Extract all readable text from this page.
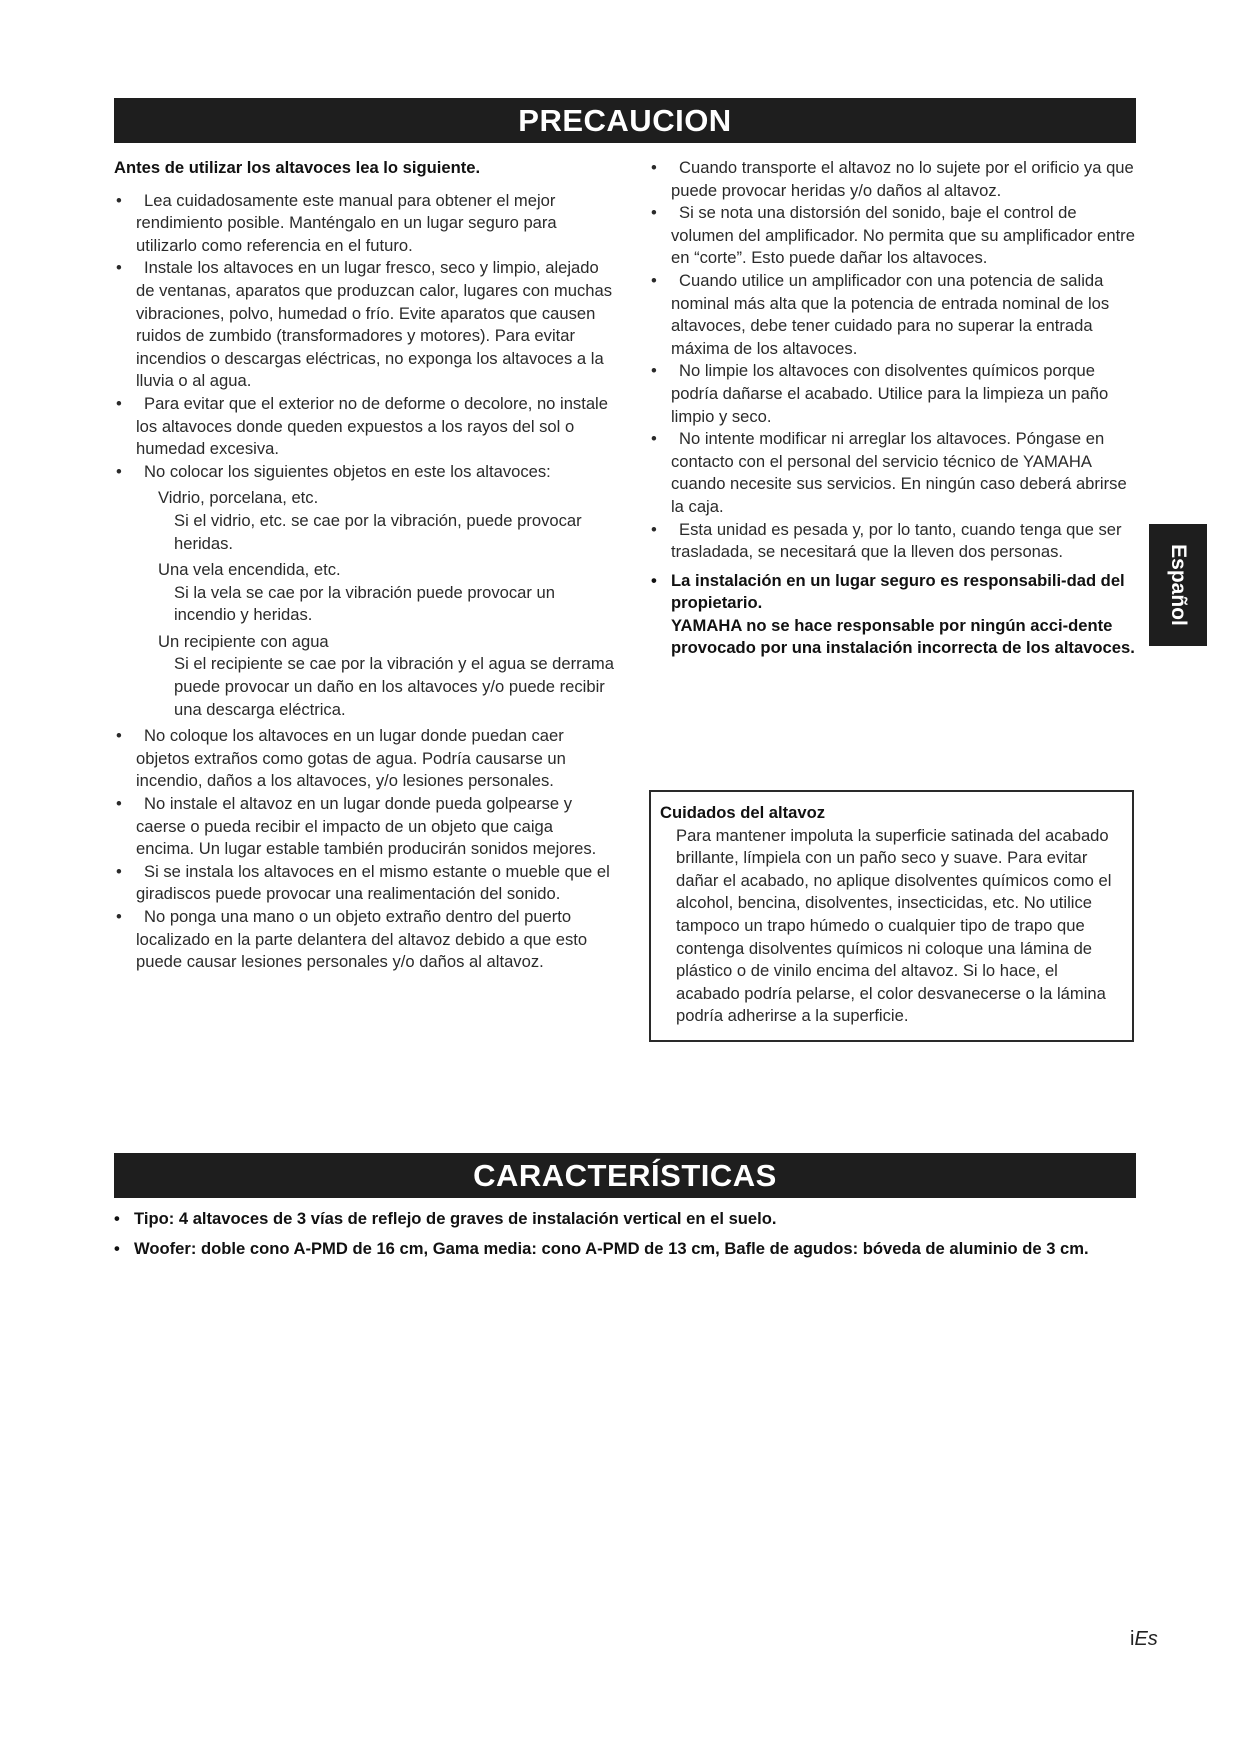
PRECAUCION

Antes de utilizar los altavoces lea lo siguiente.

• Lea cuidadosamente este manual para obtener el mejor rendimiento posible. Manténgalo en un lugar seguro para utilizarlo como referencia en el futuro.
• Instale los altavoces en un lugar fresco, seco y limpio, alejado de ventanas, aparatos que produzcan calor, lugares con muchas vibraciones, polvo, humedad o frío. Evite aparatos que causen ruidos de zumbido (transformadores y motores). Para evitar incendios o descargas eléctricas, no exponga los altavoces a la lluvia o al agua.
• Para evitar que el exterior no de deforme o decolore, no instale los altavoces donde queden expuestos a los rayos del sol o humedad excesiva.
• No colocar los siguientes objetos en este los altavoces:

Vidrio, porcelana, etc.

Si el vidrio, etc. se cae por la vibración, puede provocar heridas.

Una vela encendida, etc.

Si la vela se cae por la vibración puede provocar un incendio y heridas.

Un recipiente con agua

Si el recipiente se cae por la vibración y el agua se derrama puede provocar un daño en los altavoces y/o puede recibir una descarga eléctrica.

• No coloque los altavoces en un lugar donde puedan caer objetos extraños como gotas de agua. Podría causarse un incendio, daños a los altavoces, y/o lesiones personales.
• No instale el altavoz en un lugar donde pueda golpearse y caerse o pueda recibir el impacto de un objeto que caiga encima. Un lugar estable también producirán sonidos mejores.
• Si se instala los altavoces en el mismo estante o mueble que el giradiscos puede provocar una realimentación del sonido.
• No ponga una mano o un objeto extraño dentro del puerto localizado en la parte delantera del altavoz debido a que esto puede causar lesiones personales y/o daños al altavoz.
• Cuando transporte el altavoz no lo sujete por el orificio ya que puede provocar heridas y/o daños al altavoz.
• Si se nota una distorsión del sonido, baje el control de volumen del amplificador. No permita que su amplificador entre en “corte”. Esto puede dañar los altavoces.
• Cuando utilice un amplificador con una potencia de salida nominal más alta que la potencia de entrada nominal de los altavoces, debe tener cuidado para no superar la entrada máxima de los altavoces.
• No limpie los altavoces con disolventes químicos porque podría dañarse el acabado. Utilice para la limpieza un paño limpio y seco.
• No intente modificar ni arreglar los altavoces. Póngase en contacto con el personal del servicio técnico de YAMAHA cuando necesite sus servicios. En ningún caso deberá abrirse la caja.
• Esta unidad es pesada y, por lo tanto, cuando tenga que ser trasladada, se necesitará que la lleven dos personas.
• La instalación en un lugar seguro es responsabili-dad del propietario.
YAMAHA no se hace responsable por ningún acci-dente provocado por una instalación incorrecta de los altavoces.

Cuidados del altavoz

Para mantener impoluta la superficie satinada del acabado brillante, límpiela con un paño seco y suave. Para evitar dañar el acabado, no aplique disolventes químicos como el alcohol, bencina, disolventes, insecticidas, etc. No utilice tampoco un trapo húmedo o cualquier tipo de trapo que contenga disolventes químicos ni coloque una lámina de plástico o de vinilo encima del altavoz. Si lo hace, el acabado podría pelarse, el color desvanecerse o la lámina podría adherirse a la superficie.

CARACTERÍSTICAS
• Tipo: 4 altavoces de 3 vías de reflejo de graves de instalación vertical en el suelo.
• Woofer: doble cono A-PMD de 16 cm, Gama media: cono A-PMD de 13 cm, Bafle de agudos: bóveda de aluminio de 3 cm.
Español
iEs
